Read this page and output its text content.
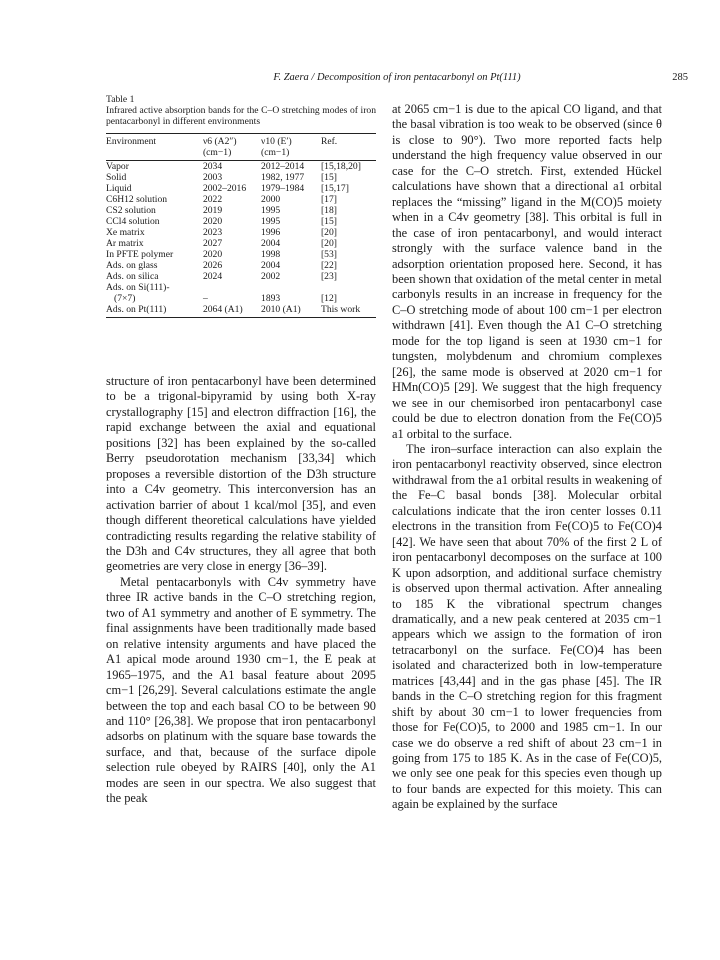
F. Zaera / Decomposition of iron pentacarbonyl on Pt(111)	285
Table 1
Infrared active absorption bands for the C–O stretching modes of iron pentacarbonyl in different environments
Environment	ν6 (A2″)	ν10 (E′)	Ref.
	(cm−1)	(cm−1)	
Vapor	2034	2012–2014	[15,18,20]
Solid	2003	1982, 1977	[15]
Liquid	2002–2016	1979–1984	[15,17]
C6H12 solution	2022	2000	[17]
CS2 solution	2019	1995	[18]
CCl4 solution	2020	1995	[15]
Xe matrix	2023	1996	[20]
Ar matrix	2027	2004	[20]
In PFTE polymer	2020	1998	[53]
Ads. on glass	2026	2004	[22]
Ads. on silica	2024	2002	[23]
Ads. on Si(111)-			
(7×7)	–	1893	[12]
Ads. on Pt(111)	2064 (A1)	2010 (A1)	This work

structure of iron pentacarbonyl have been determined to be a trigonal-bipyramid by using both X-ray crystallography [15] and electron diffraction [16], the rapid exchange between the axial and equational positions [32] has been explained by the so-called Berry pseudorotation mechanism [33,34] which proposes a reversible distortion of the D3h structure into a C4v geometry. This interconversion has an activation barrier of about 1 kcal/mol [35], and even though different theoretical calculations have yielded contradicting results regarding the relative stability of the D3h and C4v structures, they all agree that both geometries are very close in energy [36–39].

Metal pentacarbonyls with C4v symmetry have three IR active bands in the C–O stretching region, two of A1 symmetry and another of E symmetry. The final assignments have been traditionally made based on relative intensity arguments and have placed the A1 apical mode around 1930 cm−1, the E peak at 1965–1975, and the A1 basal feature about 2095 cm−1 [26,29]. Several calculations estimate the angle between the top and each basal CO to be between 90 and 110° [26,38]. We propose that iron pentacarbonyl adsorbs on platinum with the square base towards the surface, and that, because of the surface dipole selection rule obeyed by RAIRS [40], only the A1 modes are seen in our spectra. We also suggest that the peak

at 2065 cm−1 is due to the apical CO ligand, and that the basal vibration is too weak to be observed (since θ is close to 90°). Two more reported facts help understand the high frequency value observed in our case for the C–O stretch. First, extended Hückel calculations have shown that a directional a1 orbital replaces the “missing” ligand in the M(CO)5 moiety when in a C4v geometry [38]. This orbital is full in the case of iron pentacarbonyl, and would interact strongly with the surface valence band in the adsorption orientation proposed here. Second, it has been shown that oxidation of the metal center in metal carbonyls results in an increase in frequency for the C–O stretching mode of about 100 cm−1 per electron withdrawn [41]. Even though the A1 C–O stretching mode for the top ligand is seen at 1930 cm−1 for tungsten, molybdenum and chromium complexes [26], the same mode is observed at 2020 cm−1 for HMn(CO)5 [29]. We suggest that the high frequency we see in our chemisorbed iron pentacarbonyl case could be due to electron donation from the Fe(CO)5 a1 orbital to the surface.

The iron–surface interaction can also explain the iron pentacarbonyl reactivity observed, since electron withdrawal from the a1 orbital results in weakening of the Fe–C basal bonds [38]. Molecular orbital calculations indicate that the iron center losses 0.11 electrons in the transition from Fe(CO)5 to Fe(CO)4 [42]. We have seen that about 70% of the first 2 L of iron pentacarbonyl decomposes on the surface at 100 K upon adsorption, and additional surface chemistry is observed upon thermal activation. After annealing to 185 K the vibrational spectrum changes dramatically, and a new peak centered at 2035 cm−1 appears which we assign to the formation of iron tetracarbonyl on the surface. Fe(CO)4 has been isolated and characterized both in low-temperature matrices [43,44] and in the gas phase [45]. The IR bands in the C–O stretching region for this fragment shift by about 30 cm−1 to lower frequencies from those for Fe(CO)5, to 2000 and 1985 cm−1. In our case we do observe a red shift of about 23 cm−1 in going from 175 to 185 K. As in the case of Fe(CO)5, we only see one peak for this species even though up to four bands are expected for this moiety. This can again be explained by the surface
